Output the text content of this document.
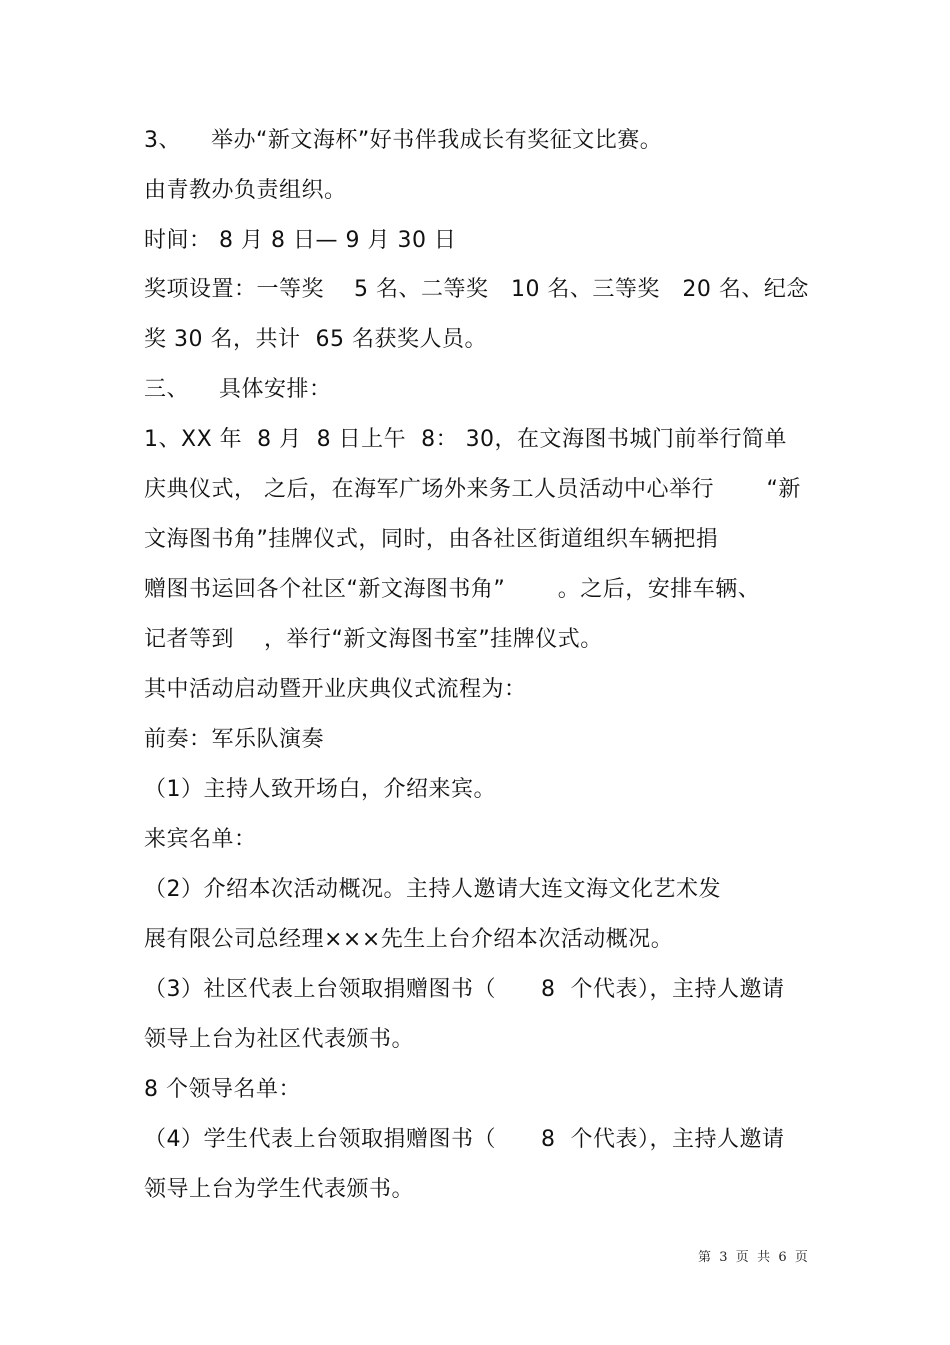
3、    举办“新文海杯”好书伴我成长有奖征文比赛。

由青教办负责组织。

时间： 8 月 8 日— 9 月 30 日

奖项设置：一等奖    5 名、二等奖   10 名、三等奖   20 名、纪念

奖 30 名，共计  65 名获奖人员。

三、    具体安排：

1、XX 年  8 月  8 日上午  8： 30，在文海图书城门前举行简单

庆典仪式， 之后，在海军广场外来务工人员活动中心举行       “新

文海图书角”挂牌仪式，同时，由各社区街道组织车辆把捐

赠图书运回各个社区“新文海图书角”       。之后，安排车辆、

记者等到    ，举行“新文海图书室”挂牌仪式。

其中活动启动暨开业庆典仪式流程为：

前奏：军乐队演奏

（1）主持人致开场白，介绍来宾。

来宾名单：

（2）介绍本次活动概况。主持人邀请大连文海文化艺术发

展有限公司总经理×××先生上台介绍本次活动概况。

（3）社区代表上台领取捐赠图书（      8  个代表），主持人邀请

领导上台为社区代表颁书。

8 个领导名单：

（4）学生代表上台领取捐赠图书（      8  个代表），主持人邀请

领导上台为学生代表颁书。

第  3  页  共  6  页
